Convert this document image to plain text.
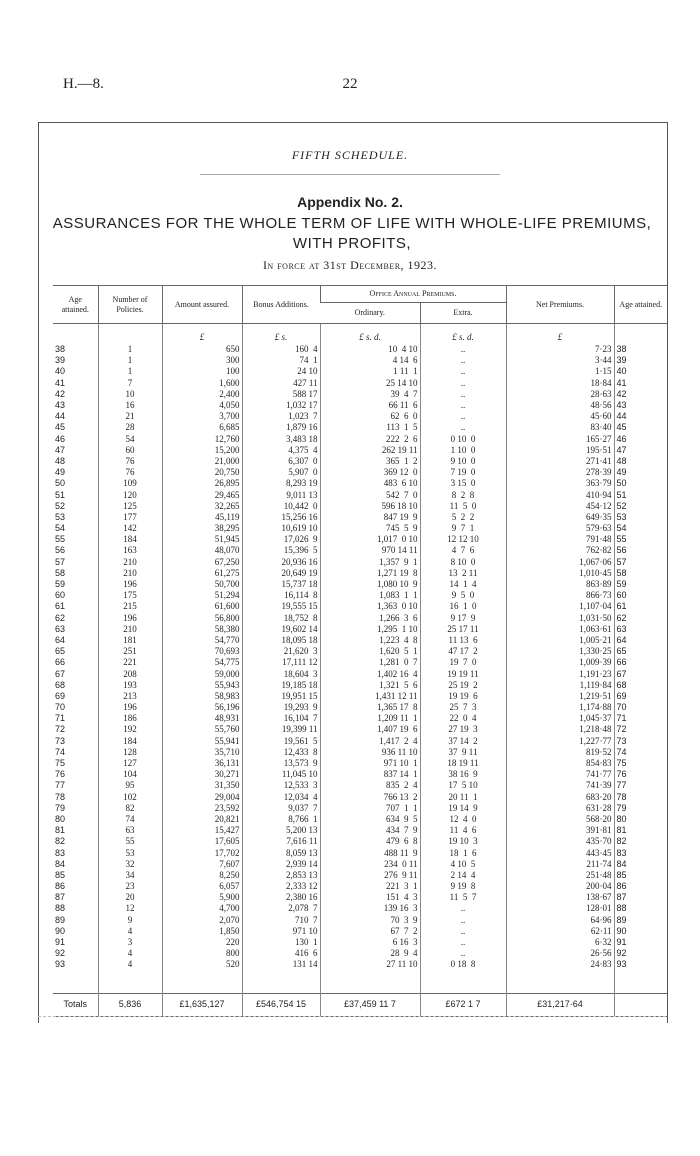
H.—8.	22
FIFTH SCHEDULE.
Appendix No. 2.
ASSURANCES FOR THE WHOLE TERM OF LIFE WITH WHOLE-LIFE PREMIUMS,
WITH PROFITS,
In force at 31st December, 1923.
Age attained.	Number of Policies.	Amount assured.	Bonus Additions.	Office Annual Premiums.		Net Premiums.	Age attained.
				Ordinary.	Extra.		

		£	£ s.	£ s. d.	£ s. d.	£	
38	1	650	160  4	10  4 10	..	7·23	38
39	1	300	74  1	4 14  6	..	3·44	39
40	1	100	24 10	1 11  1	..	1·15	40
41	7	1,600	427 11	25 14 10	..	18·84	41
42	10	2,400	588 17	39  4  7	..	28·63	42
43	16	4,050	1,032 17	66 11  6	..	48·56	43
44	21	3,700	1,023  7	62  6  0	..	45·60	44
45	28	6,685	1,879 16	113  1  5	..	83·40	45
46	54	12,760	3,483 18	222  2  6	0 10  0	165·27	46
47	60	15,200	4,375  4	262 19 11	1 10  0	195·51	47
48	76	21,000	6,307  0	365  1  2	9 10  0	271·41	48
49	76	20,750	5,907  0	369 12  0	7 19  0	278·39	49
50	109	26,895	8,293 19	483  6 10	3 15  0	363·79	50
51	120	29,465	9,011 13	542  7  0	8  2  8	410·94	51
52	125	32,265	10,442  0	596 18 10	11  5  0	454·12	52
53	177	45,119	15,256 16	847 19  9	5  2  2	649·35	53
54	142	38,295	10,619 10	745  5  9	9  7  1	579·63	54
55	184	51,945	17,026  9	1,017  0 10	12 12 10	791·48	55
56	163	48,070	15,396  5	970 14 11	4  7  6	762·82	56
57	210	67,250	20,936 16	1,357  9  1	8 10  0	1,067·06	57
58	210	61,275	20,649 19	1,271 19  8	13  2 11	1,010·45	58
59	196	50,700	15,737 18	1,080 10  9	14  1  4	863·89	59
60	175	51,294	16,114  8	1,083  1  1	9  5  0	866·73	60
61	215	61,600	19,555 15	1,363  0 10	16  1  0	1,107·04	61
62	196	56,800	18,752  8	1,266  3  6	9 17  9	1,031·50	62
63	210	58,380	19,602 14	1,295  1 10	25 17 11	1,063·61	63
64	181	54,770	18,095 18	1,223  4  8	11 13  6	1,005·21	64
65	251	70,693	21,620  3	1,620  5  1	47 17  2	1,330·25	65
66	221	54,775	17,111 12	1,281  0  7	19  7  0	1,009·39	66
67	208	59,000	18,604  3	1,402 16  4	19 19 11	1,191·23	67
68	193	55,943	19,185 18	1,321  5  6	25 19  2	1,119·84	68
69	213	58,983	19,951 15	1,431 12 11	19 19  6	1,219·51	69
70	196	56,196	19,293  9	1,365 17  8	25  7  3	1,174·88	70
71	186	48,931	16,104  7	1,209 11  1	22  0  4	1,045·37	71
72	192	55,760	19,399 11	1,407 19  6	27 19  3	1,218·48	72
73	184	55,941	19,561  5	1,417  2  4	37 14  2	1,227·77	73
74	128	35,710	12,433  8	936 11 10	37  9 11	819·52	74
75	127	36,131	13,573  9	971 10  1	18 19 11	854·83	75
76	104	30,271	11,045 10	837 14  1	38 16  9	741·77	76
77	95	31,350	12,533  3	835  2  4	17  5 10	741·39	77
78	102	29,004	12,034  4	766 13  2	20 11  1	683·20	78
79	82	23,592	9,037  7	707  1  1	19 14  9	631·28	79
80	74	20,821	8,766  1	634  9  5	12  4  0	568·20	80
81	63	15,427	5,200 13	434  7  9	11  4  6	391·81	81
82	55	17,605	7,616 11	479  6  8	19 10  3	435·70	82
83	53	17,702	8,059 13	488 11  9	18  1  6	443·45	83
84	32	7,607	2,939 14	234  0 11	4 10  5	211·74	84
85	34	8,250	2,853 13	276  9 11	2 14  4	251·48	85
86	23	6,057	2,333 12	221  3  1	9 19  8	200·04	86
87	20	5,900	2,380 16	151  4  3	11  5  7	138·67	87
88	12	4,700	2,078  7	139 16  3	..	128·01	88
89	9	2,070	710  7	70  3  9	..	64·96	89
90	4	1,850	971 10	67  7  2	..	62·11	90
91	3	220	130  1	6 16  3	..	6·32	91
92	4	800	416  6	28  9  4	..	26·56	92
93	4	520	131 14	27 11 10	0 18  8	24·83	93

Totals	5,836	£1,635,127	£546,754 15	£37,459 11 7	£672 1 7	£31,217·64	
